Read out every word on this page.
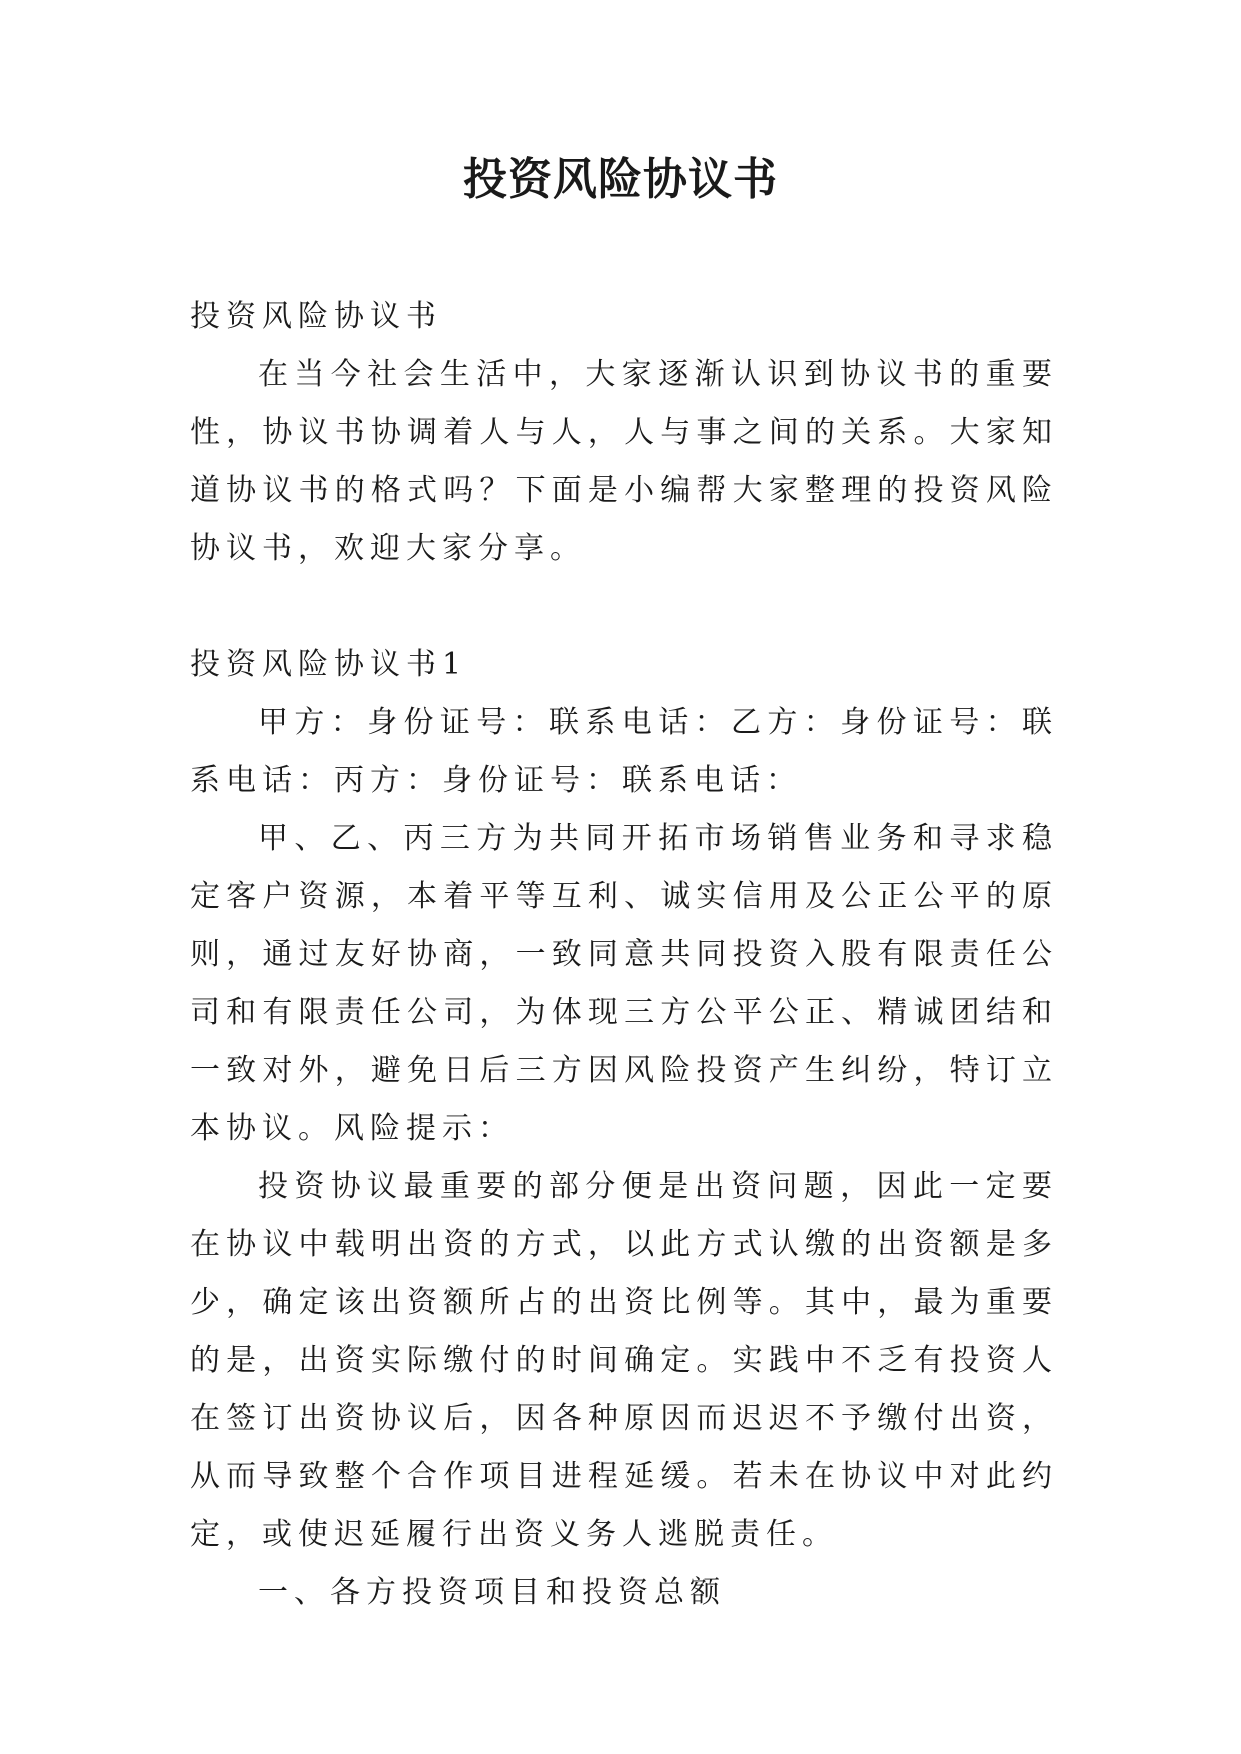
投资风险协议书

投资风险协议书

在当今社会生活中，大家逐渐认识到协议书的重要性，协议书协调着人与人，人与事之间的关系。大家知道协议书的格式吗？下面是小编帮大家整理的投资风险协议书，欢迎大家分享。

投资风险协议书1

甲方：身份证号：联系电话：乙方：身份证号：联系电话：丙方：身份证号：联系电话：

甲、乙、丙三方为共同开拓市场销售业务和寻求稳定客户资源，本着平等互利、诚实信用及公正公平的原则，通过友好协商，一致同意共同投资入股有限责任公司和有限责任公司，为体现三方公平公正、精诚团结和一致对外，避免日后三方因风险投资产生纠纷，特订立本协议。风险提示：

投资协议最重要的部分便是出资问题，因此一定要在协议中载明出资的方式，以此方式认缴的出资额是多少，确定该出资额所占的出资比例等。其中，最为重要的是，出资实际缴付的时间确定。实践中不乏有投资人在签订出资协议后，因各种原因而迟迟不予缴付出资，从而导致整个合作项目进程延缓。若未在协议中对此约定，或使迟延履行出资义务人逃脱责任。

一、各方投资项目和投资总额
